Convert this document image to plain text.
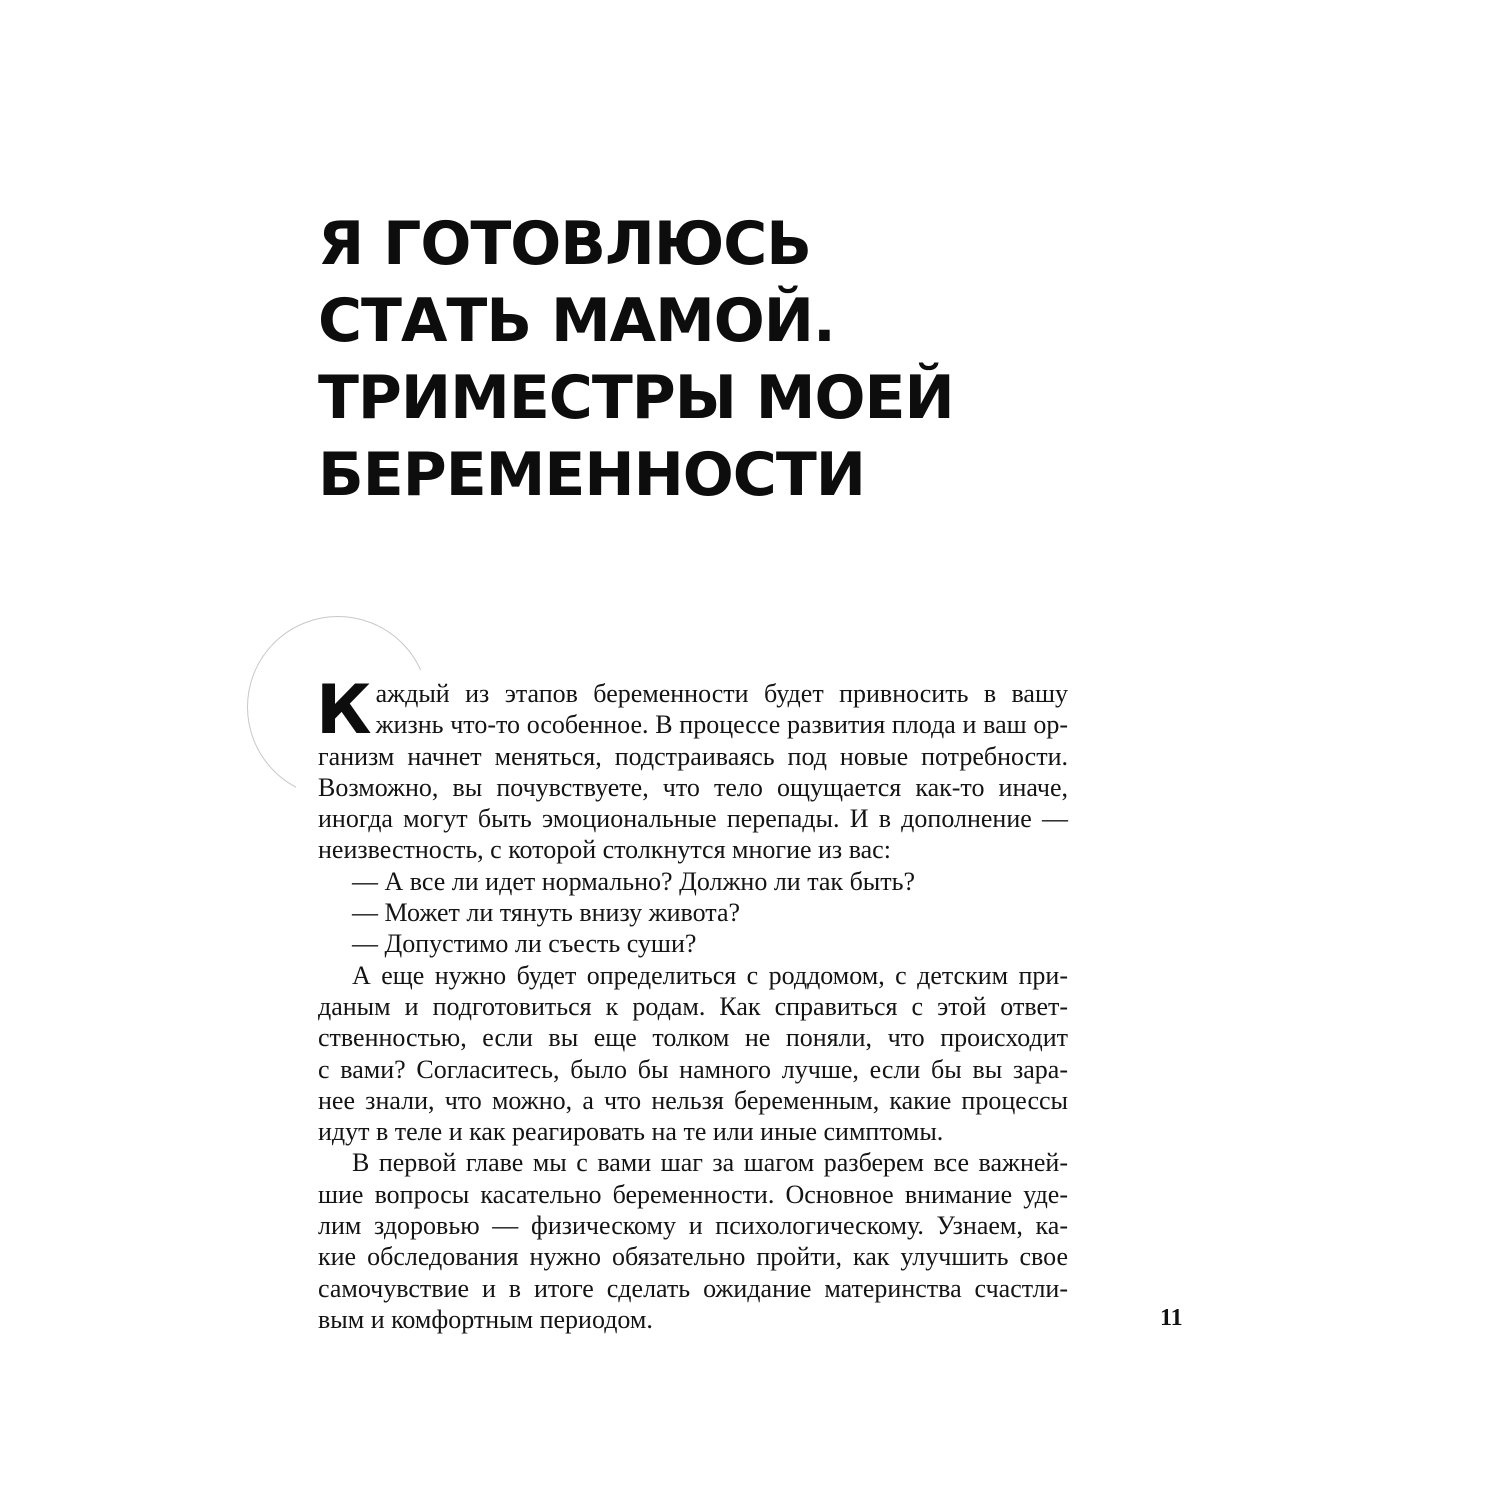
Я ГОТОВЛЮСЬ
СТАТЬ МАМОЙ.
ТРИМЕСТРЫ МОЕЙ
БЕРЕМЕННОСТИ

К аждый из этапов беременности будет привносить в вашу
жизнь что-то особенное. В процессе развития плода и ваш ор-
ганизм начнет меняться, подстраиваясь под новые потребности.
Возможно, вы почувствуете, что тело ощущается как-то иначе,
иногда могут быть эмоциональные перепады. И в дополнение —
неизвестность, с которой столкнутся многие из вас:

— А все ли идет нормально? Должно ли так быть?
— Может ли тянуть внизу живота?
— Допустимо ли съесть суши?

А еще нужно будет определиться с роддомом, с детским при-
даным и подготовиться к родам. Как справиться с этой ответ-
ственностью, если вы еще толком не поняли, что происходит
с вами? Согласитесь, было бы намного лучше, если бы вы зара-
нее знали, что можно, а что нельзя беременным, какие процессы
идут в теле и как реагировать на те или иные симптомы.

В первой главе мы с вами шаг за шагом разберем все важней-
шие вопросы касательно беременности. Основное внимание уде-
лим здоровью — физическому и психологическому. Узнаем, ка-
кие обследования нужно обязательно пройти, как улучшить свое
самочувствие и в итоге сделать ожидание материнства счастли-
вым и комфортным периодом.	11
